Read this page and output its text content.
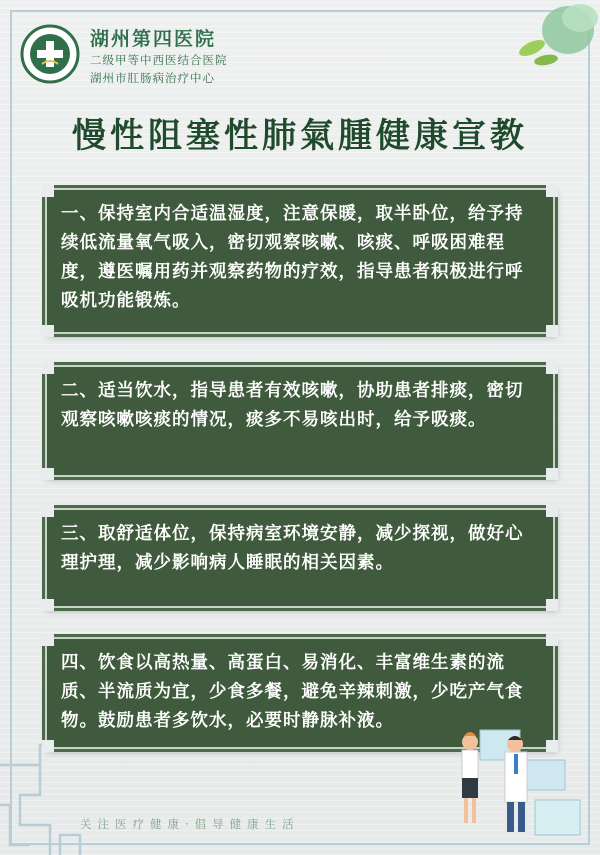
湖州第四医院
二级甲等中西医结合医院
湖州市肛肠病治疗中心
慢性阻塞性肺氣腫健康宣教
一、保持室内合适温湿度，注意保暖，取半卧位，给予持续低流量氧气吸入，密切观察咳嗽、咳痰、呼吸困难程度，遵医嘱用药并观察药物的疗效，指导患者积极进行呼吸机功能锻炼。
二、适当饮水，指导患者有效咳嗽，协助患者排痰，密切观察咳嗽咳痰的情况，痰多不易咳出时，给予吸痰。
三、取舒适体位，保持病室环境安静，减少探视，做好心理护理，减少影响病人睡眠的相关因素。
四、饮食以高热量、高蛋白、易消化、丰富维生素的流质、半流质为宜，少食多餐，避免辛辣刺激，少吃产气食物。鼓励患者多饮水，必要时静脉补液。
关注医疗健康·倡导健康生活
